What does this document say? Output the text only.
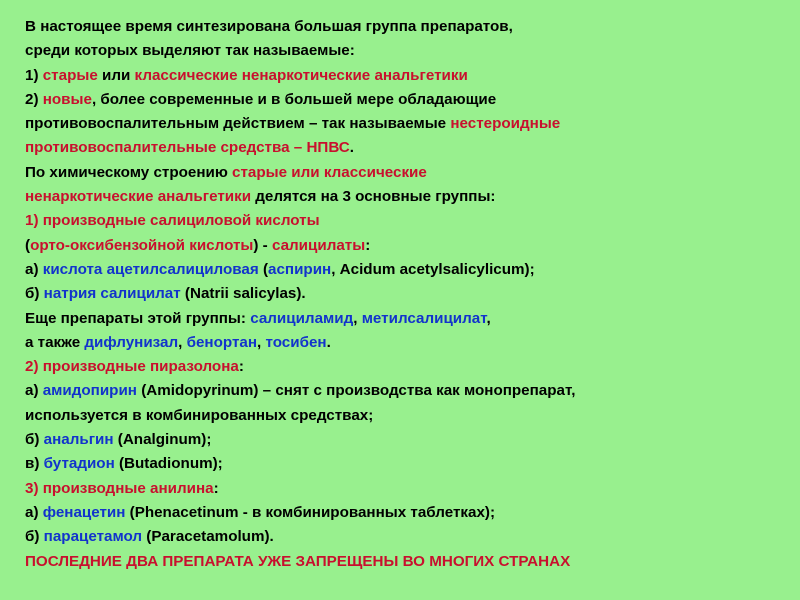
В настоящее время синтезирована большая группа препаратов,
среди которых выделяют так называемые:
1) старые или классические ненаркотические анальгетики
2) новые, более современные и в большей мере обладающие
противовоспалительным действием – так называемые нестероидные
противовоспалительные средства – НПВС.
По химическому строению старые или классические
ненаркотические анальгетики делятся на 3 основные группы:
1) производные салициловой кислоты
(орто-оксибензойной кислоты) - салицилаты:
а) кислота ацетилсалициловая (аспирин, Acidum acetylsalicylicum);
б) натрия салицилат (Natrii salicylas).
Еще препараты этой группы: салициламид, метилсалицилат,
а также дифлунизал, бенортан, тосибен.
2) производные пиразолона:
а) амидопирин (Amidopyrinum) – снят с производства как монопрепарат,
используется в комбинированных средствах;
б) анальгин (Analginum);
в) бутадион (Butadionum);
3) производные анилина:
а) фенацетин (Phenacetinum - в комбинированных таблетках);
б) парацетамол (Paracetamolum).
ПОСЛЕДНИЕ ДВА ПРЕПАРАТА УЖЕ ЗАПРЕЩЕНЫ ВО МНОГИХ СТРАНАХ
